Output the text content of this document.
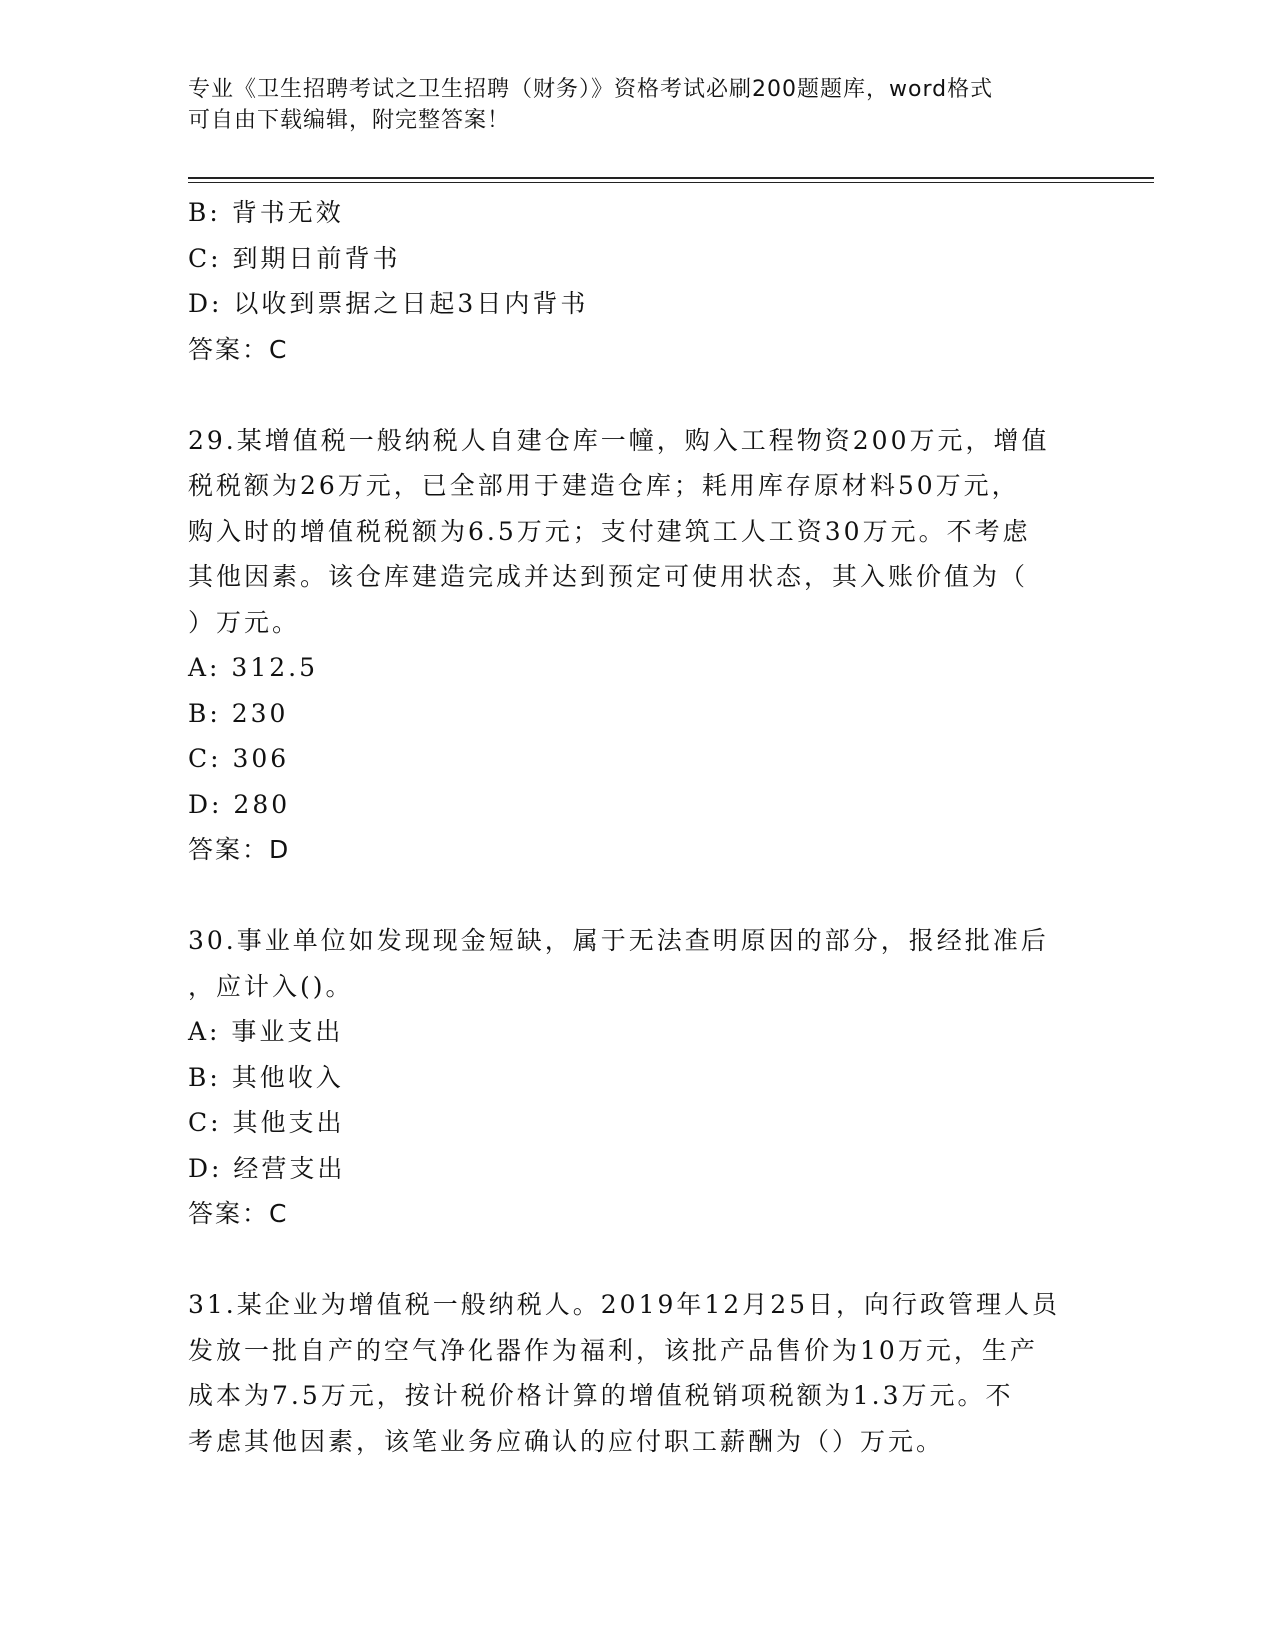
专业《卫生招聘考试之卫生招聘（财务）》资格考试必刷200题题库，word格式
可自由下载编辑，附完整答案！
B: 背书无效
C: 到期日前背书
D: 以收到票据之日起3日内背书
答案：C
29.某增值税一般纳税人自建仓库一幢，购入工程物资200万元，增值
税税额为26万元，已全部用于建造仓库；耗用库存原材料50万元，
购入时的增值税税额为6.5万元；支付建筑工人工资30万元。不考虑
其他因素。该仓库建造完成并达到预定可使用状态，其入账价值为（
）万元。
A: 312.5
B: 230
C: 306
D: 280
答案：D
30.事业单位如发现现金短缺，属于无法查明原因的部分，报经批准后
，应计入()。
A: 事业支出
B: 其他收入
C: 其他支出
D: 经营支出
答案：C
31.某企业为增值税一般纳税人。2019年12月25日，向行政管理人员
发放一批自产的空气净化器作为福利，该批产品售价为10万元，生产
成本为7.5万元，按计税价格计算的增值税销项税额为1.3万元。不
考虑其他因素，该笔业务应确认的应付职工薪酬为（）万元。
